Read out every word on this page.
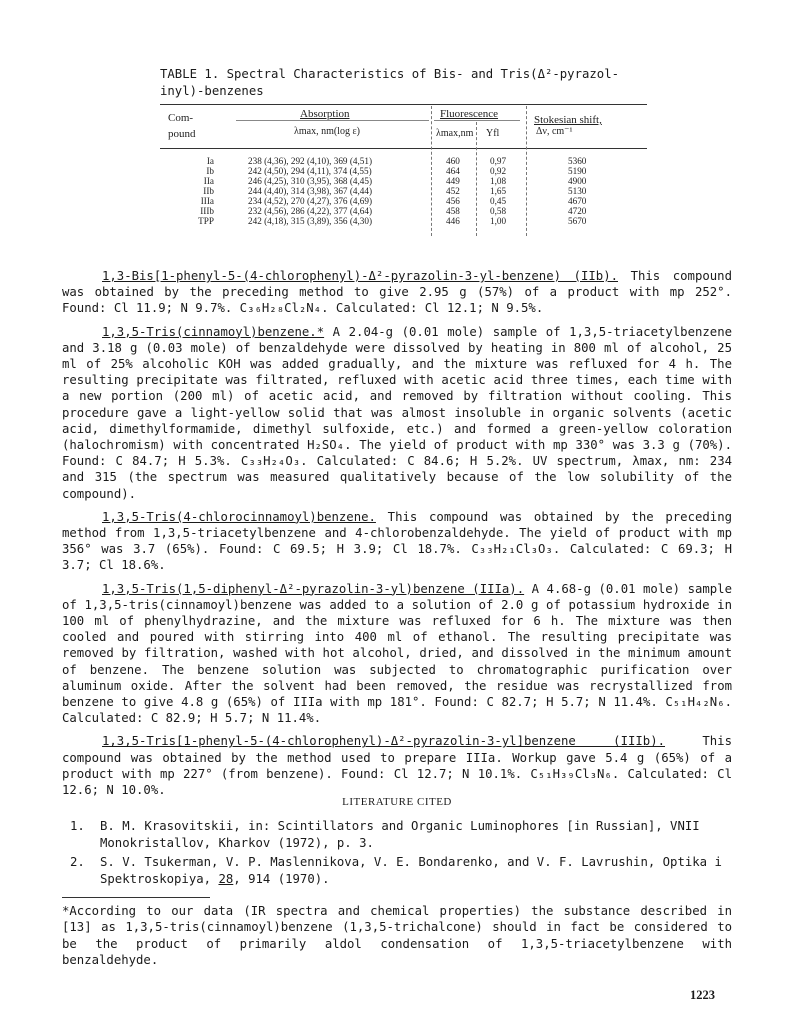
TABLE 1. Spectral Characteristics of Bis- and Tris(Δ²-pyrazol-
inyl)-benzenes
Com-
pound
Absorption
λmax, nm(log ε)
Fluorescence
λmax,nm Yfl
Stokesian shift,
Δν, cm⁻¹
Ia
Ib
IIa
IIb
IIIa
IIIb
TPP
238 (4,36), 292 (4,10), 369 (4,51)
242 (4,50), 294 (4,11), 374 (4,55)
246 (4,25), 310 (3,95), 368 (4,45)
244 (4,40), 314 (3,98), 367 (4,44)
234 (4,52), 270 (4,27), 376 (4,69)
232 (4,56), 286 (4,22), 377 (4,64)
242 (4,18), 315 (3,89), 356 (4,30)
460
464
449
452
456
458
446
0,97
0,92
1,08
1,65
0,45
0,58
1,00
5360
5190
4900
5130
4670
4720
5670

1,3-Bis[1-phenyl-5-(4-chlorophenyl)-Δ²-pyrazolin-3-yl-benzene) (IIb). This compound was obtained by the preceding method to give 2.95 g (57%) of a product with mp 252°. Found: Cl 11.9; N 9.7%. C₃₆H₂₈Cl₂N₄. Calculated: Cl 12.1; N 9.5%.

1,3,5-Tris(cinnamoyl)benzene.* A 2.04-g (0.01 mole) sample of 1,3,5-triacetylbenzene and 3.18 g (0.03 mole) of benzaldehyde were dissolved by heating in 800 ml of alcohol, 25 ml of 25% alcoholic KOH was added gradually, and the mixture was refluxed for 4 h. The resulting precipitate was filtrated, refluxed with acetic acid three times, each time with a new portion (200 ml) of acetic acid, and removed by filtration without cooling. This procedure gave a light-yellow solid that was almost insoluble in organic solvents (acetic acid, dimethylformamide, dimethyl sulfoxide, etc.) and formed a green-yellow coloration (halochromism) with concentrated H₂SO₄. The yield of product with mp 330° was 3.3 g (70%). Found: C 84.7; H 5.3%. C₃₃H₂₄O₃. Calculated: C 84.6; H 5.2%. UV spectrum, λmax, nm: 234 and 315 (the spectrum was measured qualitatively because of the low solubility of the compound).

1,3,5-Tris(4-chlorocinnamoyl)benzene. This compound was obtained by the preceding method from 1,3,5-triacetylbenzene and 4-chlorobenzaldehyde. The yield of product with mp 356° was 3.7 (65%). Found: C 69.5; H 3.9; Cl 18.7%. C₃₃H₂₁Cl₃O₃. Calculated: C 69.3; H 3.7; Cl 18.6%.

1,3,5-Tris(1,5-diphenyl-Δ²-pyrazolin-3-yl)benzene (IIIa). A 4.68-g (0.01 mole) sample of 1,3,5-tris(cinnamoyl)benzene was added to a solution of 2.0 g of potassium hydroxide in 100 ml of phenylhydrazine, and the mixture was refluxed for 6 h. The mixture was then cooled and poured with stirring into 400 ml of ethanol. The resulting precipitate was removed by filtration, washed with hot alcohol, dried, and dissolved in the minimum amount of benzene. The benzene solution was subjected to chromatographic purification over aluminum oxide. After the solvent had been removed, the residue was recrystallized from benzene to give 4.8 g (65%) of IIIa with mp 181°. Found: C 82.7; H 5.7; N 11.4%. C₅₁H₄₂N₆. Calculated: C 82.9; H 5.7; N 11.4%.

1,3,5-Tris[1-phenyl-5-(4-chlorophenyl)-Δ²-pyrazolin-3-yl]benzene (IIIb). This compound was obtained by the method used to prepare IIIa. Workup gave 5.4 g (65%) of a product with mp 227° (from benzene). Found: Cl 12.7; N 10.1%. C₅₁H₃₉Cl₃N₆. Calculated: Cl 12.6; N 10.0%.

LITERATURE CITED
1. B. M. Krasovitskii, in: Scintillators and Organic Luminophores [in Russian], VNII Monokristallov, Kharkov (1972), p. 3.
2. S. V. Tsukerman, V. P. Maslennikova, V. E. Bondarenko, and V. F. Lavrushin, Optika i Spektroskopiya, 28, 914 (1970).
*According to our data (IR spectra and chemical properties) the substance described in [13] as 1,3,5-tris(cinnamoyl)benzene (1,3,5-trichalcone) should in fact be considered to be the product of primarily aldol condensation of 1,3,5-triacetylbenzene with benzaldehyde.
1223
